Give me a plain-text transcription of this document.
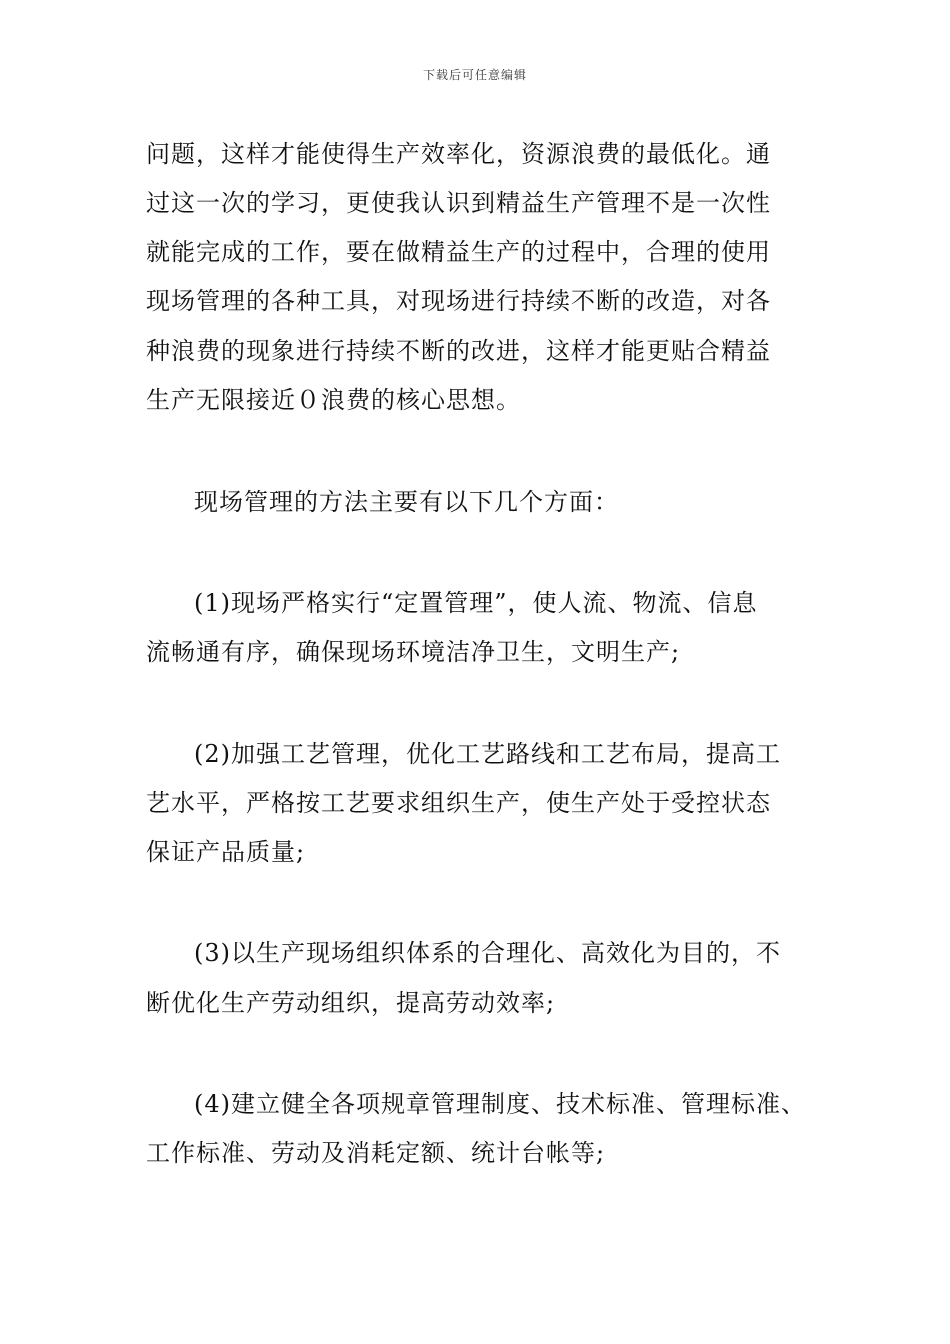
下载后可任意编辑
问题，这样才能使得生产效率化，资源浪费的最低化。通
过这一次的学习，更使我认识到精益生产管理不是一次性
就能完成的工作，要在做精益生产的过程中，合理的使用
现场管理的各种工具，对现场进行持续不断的改造，对各
种浪费的现象进行持续不断的改进，这样才能更贴合精益
生产无限接近０浪费的核心思想。
现场管理的方法主要有以下几个方面：
(1)现场严格实行“定置管理”，使人流、物流、信息
流畅通有序，确保现场环境洁净卫生，文明生产;
(2)加强工艺管理，优化工艺路线和工艺布局，提高工
艺水平，严格按工艺要求组织生产，使生产处于受控状态
保证产品质量;
(3)以生产现场组织体系的合理化、高效化为目的，不
断优化生产劳动组织，提高劳动效率;
(4)建立健全各项规章管理制度、技术标准、管理标准、
工作标准、劳动及消耗定额、统计台帐等;
